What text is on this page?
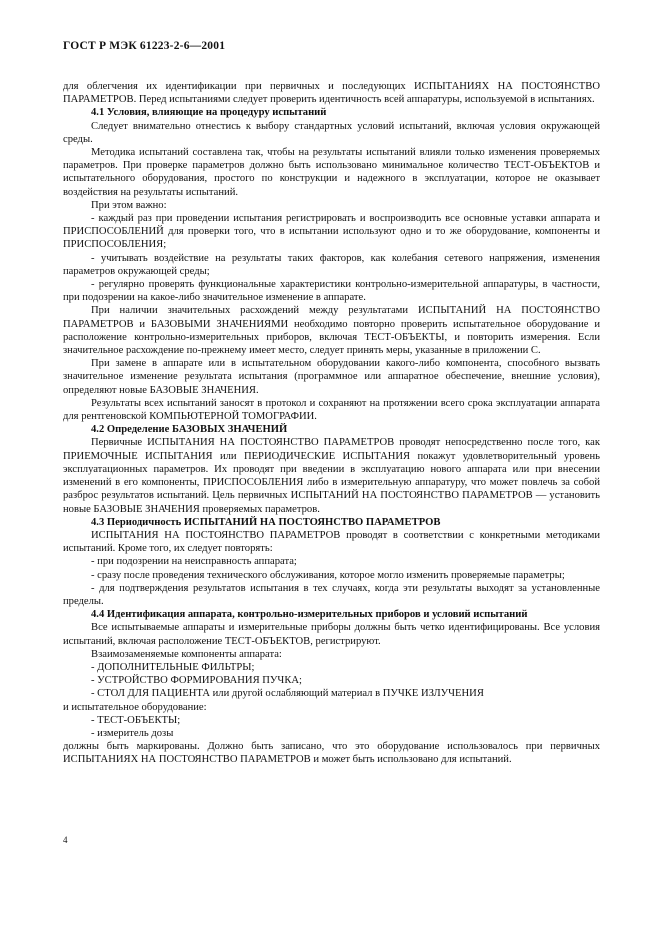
ГОСТ Р МЭК 61223-2-6—2001

для облегчения их идентификации при первичных и последующих ИСПЫТАНИЯХ НА ПОСТОЯНСТВО ПАРАМЕТРОВ. Перед испытаниями следует проверить идентичность всей аппаратуры, используемой в испытаниях.

4.1 Условия, влияющие на процедуру испытаний

Следует внимательно отнестись к выбору стандартных условий испытаний, включая условия окружающей среды.

Методика испытаний составлена так, чтобы на результаты испытаний влияли только изменения проверяемых параметров. При проверке параметров должно быть использовано минимальное количество ТЕСТ-ОБЪЕКТОВ и испытательного оборудования, простого по конструкции и надежного в эксплуатации, которое не оказывает воздействия на результаты испытаний.

При этом важно:

- каждый раз при проведении испытания регистрировать и воспроизводить все основные уставки аппарата и ПРИСПОСОБЛЕНИЙ для проверки того, что в испытании используют одно и то же оборудование, компоненты и ПРИСПОСОБЛЕНИЯ;

- учитывать воздействие на результаты таких факторов, как колебания сетевого напряжения, изменения параметров окружающей среды;

- регулярно проверять функциональные характеристики контрольно-измерительной аппаратуры, в частности, при подозрении на какое-либо значительное изменение в аппарате.

При наличии значительных расхождений между результатами ИСПЫТАНИЙ НА ПОСТОЯНСТВО ПАРАМЕТРОВ и БАЗОВЫМИ ЗНАЧЕНИЯМИ необходимо повторно проверить испытательное оборудование и расположение контрольно-измерительных приборов, включая ТЕСТ-ОБЪЕКТЫ, и повторить измерения. Если значительное расхождение по-прежнему имеет место, следует принять меры, указанные в приложении С.

При замене в аппарате или в испытательном оборудовании какого-либо компонента, способного вызвать значительное изменение результата испытания (программное или аппаратное обеспечение, внешние условия), определяют новые БАЗОВЫЕ ЗНАЧЕНИЯ.

Результаты всех испытаний заносят в протокол и сохраняют на протяжении всего срока эксплуатации аппарата для рентгеновской КОМПЬЮТЕРНОЙ ТОМОГРАФИИ.

4.2 Определение БАЗОВЫХ ЗНАЧЕНИЙ

Первичные ИСПЫТАНИЯ НА ПОСТОЯНСТВО ПАРАМЕТРОВ проводят непосредственно после того, как ПРИЕМОЧНЫЕ ИСПЫТАНИЯ или ПЕРИОДИЧЕСКИЕ ИСПЫТАНИЯ покажут удовлетворительный уровень эксплуатационных параметров. Их проводят при введении в эксплуатацию нового аппарата или при внесении изменений в его компоненты, ПРИСПОСОБЛЕНИЯ либо в измерительную аппаратуру, что может повлечь за собой разброс результатов испытаний. Цель первичных ИСПЫТАНИЙ НА ПОСТОЯНСТВО ПАРАМЕТРОВ — установить новые БАЗОВЫЕ ЗНАЧЕНИЯ проверяемых параметров.

4.3 Периодичность ИСПЫТАНИЙ НА ПОСТОЯНСТВО ПАРАМЕТРОВ

ИСПЫТАНИЯ НА ПОСТОЯНСТВО ПАРАМЕТРОВ проводят в соответствии с конкретными методиками испытаний. Кроме того, их следует повторять:

- при подозрении на неисправность аппарата;

- сразу после проведения технического обслуживания, которое могло изменить проверяемые параметры;

- для подтверждения результатов испытания в тех случаях, когда эти результаты выходят за установленные пределы.

4.4 Идентификация аппарата, контрольно-измерительных приборов и условий испытаний

Все испытываемые аппараты и измерительные приборы должны быть четко идентифицированы. Все условия испытаний, включая расположение ТЕСТ-ОБЪЕКТОВ, регистрируют.

Взаимозаменяемые компоненты аппарата:

- ДОПОЛНИТЕЛЬНЫЕ ФИЛЬТРЫ;

- УСТРОЙСТВО ФОРМИРОВАНИЯ ПУЧКА;

- СТОЛ ДЛЯ ПАЦИЕНТА или другой ослабляющий материал в ПУЧКЕ ИЗЛУЧЕНИЯ

и испытательное оборудование:

- ТЕСТ-ОБЪЕКТЫ;

- измеритель дозы

должны быть маркированы. Должно быть записано, что это оборудование использовалось при первичных ИСПЫТАНИЯХ НА ПОСТОЯНСТВО ПАРАМЕТРОВ и может быть использовано для испытаний.

4
